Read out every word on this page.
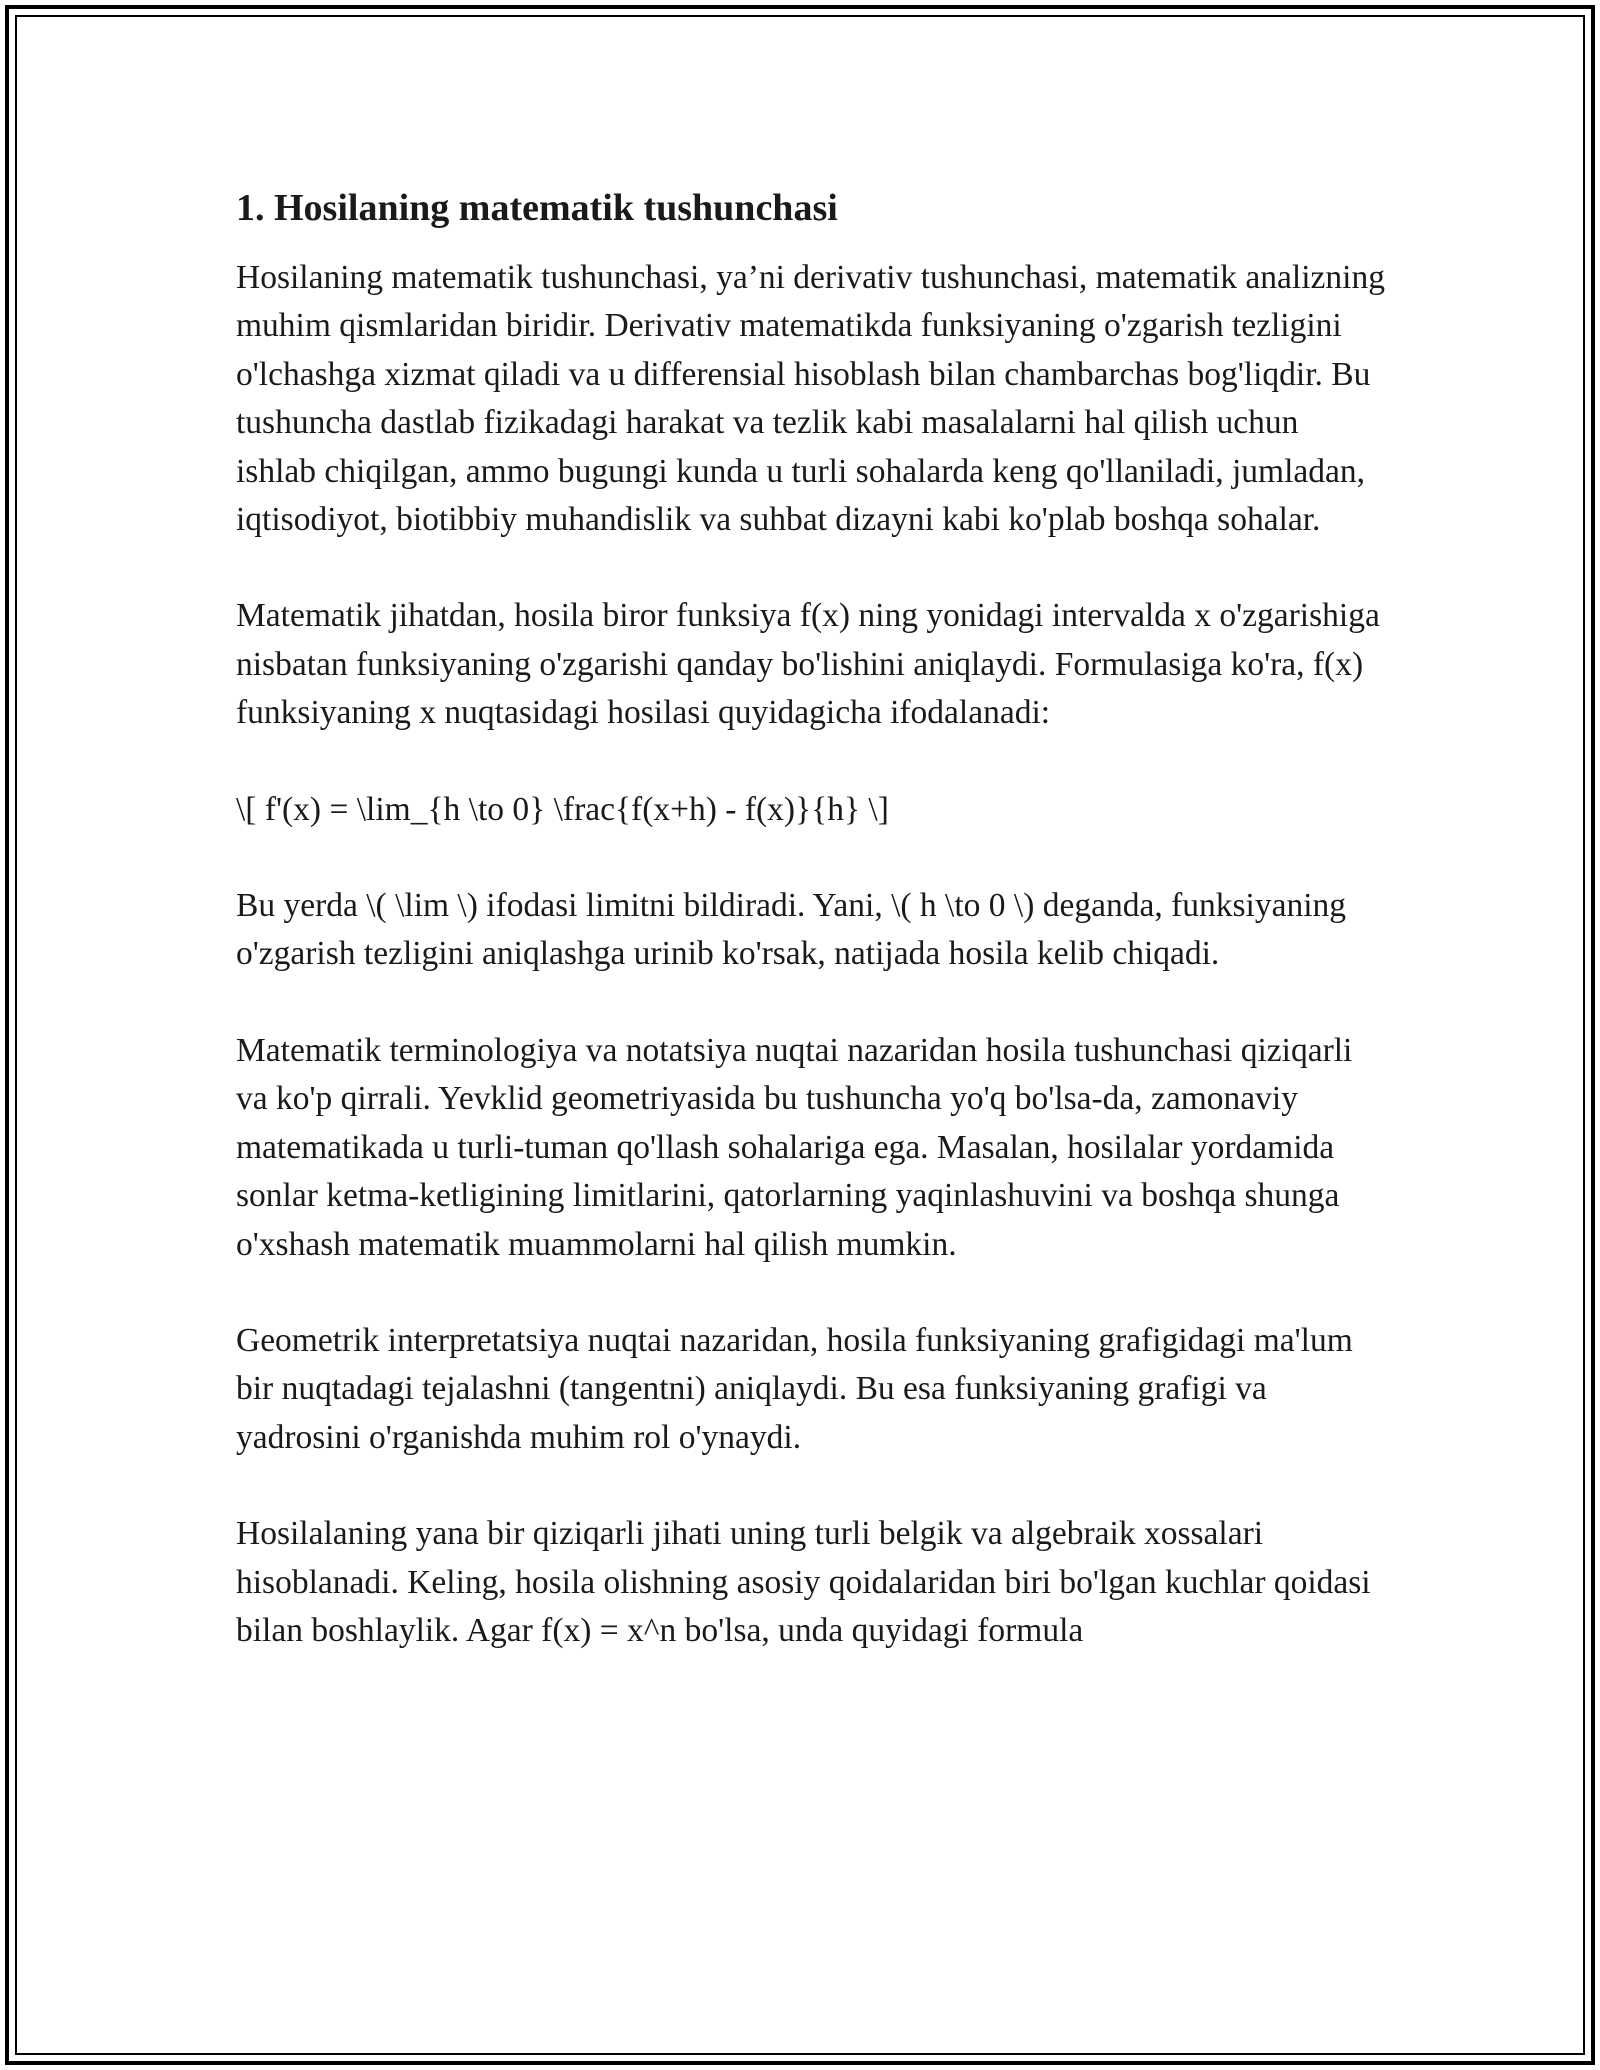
1. Hosilaning matematik tushunchasi

Hosilaning matematik tushunchasi, ya’ni derivativ tushunchasi, matematik analizning muhim qismlaridan biridir. Derivativ matematikda funksiyaning o'zgarish tezligini o'lchashga xizmat qiladi va u differensial hisoblash bilan chambarchas bog'liqdir. Bu tushuncha dastlab fizikadagi harakat va tezlik kabi masalalarni hal qilish uchun ishlab chiqilgan, ammo bugungi kunda u turli sohalarda keng qo'llaniladi, jumladan, iqtisodiyot, biotibbiy muhandislik va suhbat dizayni kabi ko'plab boshqa sohalar.

Matematik jihatdan, hosila biror funksiya f(x) ning yonidagi intervalda x o'zgarishiga nisbatan funksiyaning o'zgarishi qanday bo'lishini aniqlaydi. Formulasiga ko'ra, f(x) funksiyaning x nuqtasidagi hosilasi quyidagicha ifodalanadi:

\[ f'(x) = \lim_{h \to 0} \frac{f(x+h) - f(x)}{h} \]

Bu yerda \( \lim \) ifodasi limitni bildiradi. Yani, \( h \to 0 \) deganda, funksiyaning o'zgarish tezligini aniqlashga urinib ko'rsak, natijada hosila kelib chiqadi.

Matematik terminologiya va notatsiya nuqtai nazaridan hosila tushunchasi qiziqarli va ko'p qirrali. Yevklid geometriyasida bu tushuncha yo'q bo'lsa-da, zamonaviy matematikada u turli-tuman qo'llash sohalariga ega. Masalan, hosilalar yordamida sonlar ketma-ketligining limitlarini, qatorlarning yaqinlashuvini va boshqa shunga o'xshash matematik muammolarni hal qilish mumkin.

Geometrik interpretatsiya nuqtai nazaridan, hosila funksiyaning grafigidagi ma'lum bir nuqtadagi tejalashni (tangentni) aniqlaydi. Bu esa funksiyaning grafigi va yadrosini o'rganishda muhim rol o'ynaydi.

Hosilalaning yana bir qiziqarli jihati uning turli belgik va algebraik xossalari hisoblanadi. Keling, hosila olishning asosiy qoidalaridan biri bo'lgan kuchlar qoidasi bilan boshlaylik. Agar f(x) = x^n bo'lsa, unda quyidagi formula
